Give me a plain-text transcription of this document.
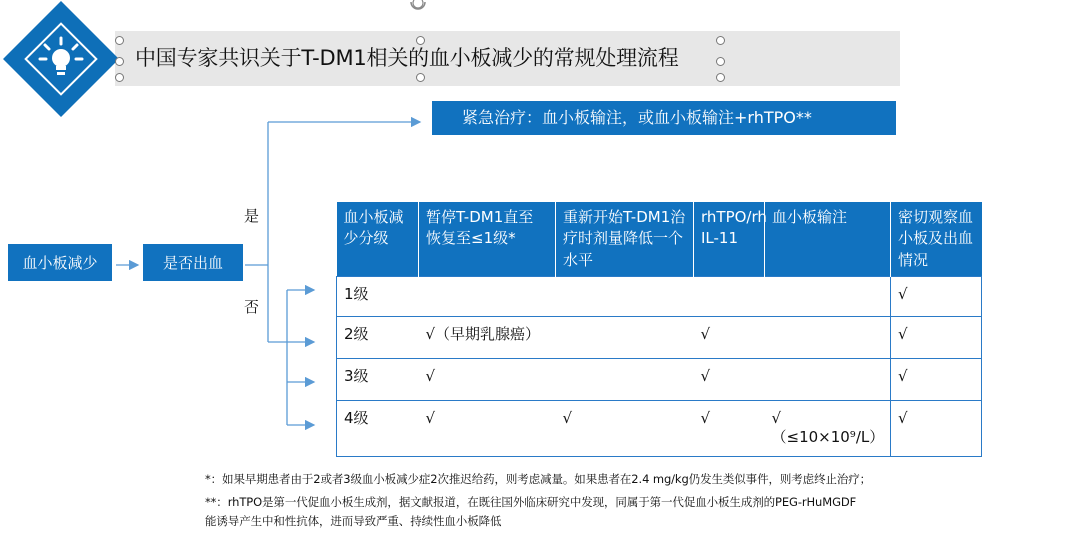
中国专家共识关于T-DM1相关的血小板减少的常规处理流程
血小板减少	是否出血
是
否
紧急治疗：血小板输注，或血小板输注+rhTPO**
血小板减少分级	暂停T-DM1直至恢复至≤1级*	重新开始T-DM1治疗时剂量降低一个水平	rhTPO/rh IL-11	血小板输注	密切观察血小板及出血情况
1级					√
2级	√（早期乳腺癌）		√		√
3级	√		√		√
4级	√	√	√	√（≤10×10⁹/L）	√
*：如果早期患者由于2或者3级血小板减少症2次推迟给药，则考虑减量。如果患者在2.4 mg/kg仍发生类似事件，则考虑终止治疗；
**：rhTPO是第一代促血小板生成剂，据文献报道，在既往国外临床研究中发现，同属于第一代促血小板生成剂的PEG-rHuMGDF
能诱导产生中和性抗体，进而导致严重、持续性血小板降低
